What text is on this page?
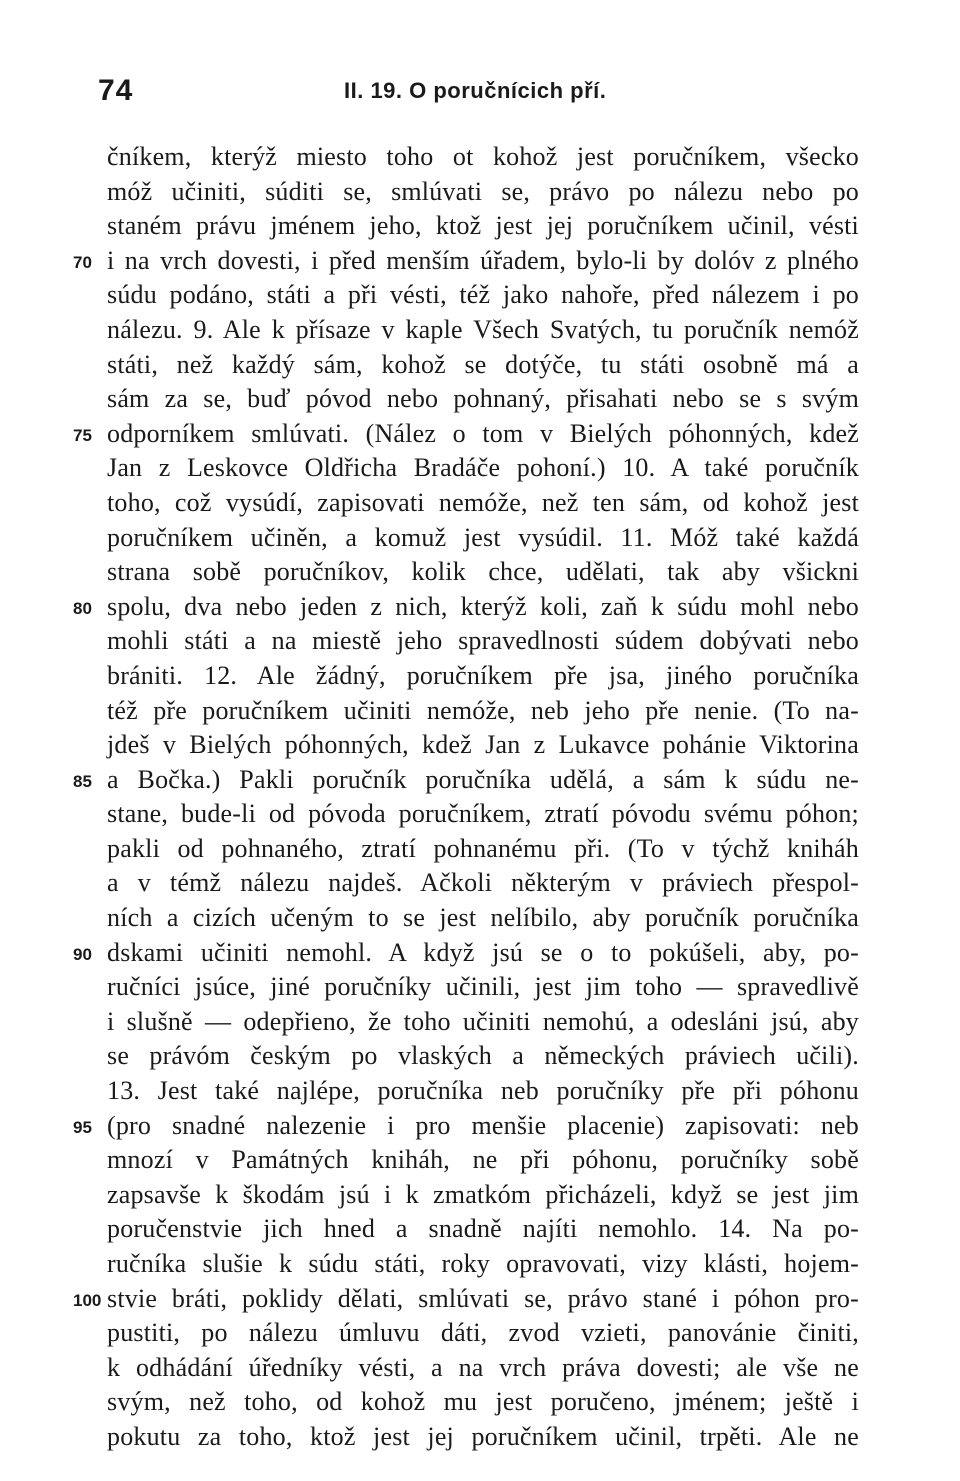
74	II. 19. O poručnícich pří.
čníkem, kterýž miesto toho ot kohož jest poručníkem, všecko
móž učiniti, súditi se, smlúvati se, právo po nálezu nebo po
staném právu jménem jeho, ktož jest jej poručníkem učinil, vésti
70 i na vrch dovesti, i před menším úřadem, bylo-li by dolóv z plného
súdu podáno, státi a při vésti, též jako nahoře, před nálezem i po
nálezu. 9. Ale k přísaze v kaple Všech Svatých, tu poručník nemóž
státi, než každý sám, kohož se dotýče, tu státi osobně má a
sám za se, buď póvod nebo pohnaný, přisahati nebo se s svým
75 odporníkem smlúvati. (Nález o tom v Bielých póhonných, kdež
Jan z Leskovce Oldřicha Bradáče pohoní.) 10. A také poručník
toho, což vysúdí, zapisovati nemóže, než ten sám, od kohož jest
poručníkem učiněn, a komuž jest vysúdil. 11. Móž také každá
strana sobě poručníkov, kolik chce, udělati, tak aby všickni
80 spolu, dva nebo jeden z nich, kterýž koli, zaň k súdu mohl nebo
mohli státi a na miestě jeho spravedlnosti súdem dobývati nebo
brániti. 12. Ale žádný, poručníkem pře jsa, jiného poručníka
též pře poručníkem učiniti nemóže, neb jeho pře nenie. (To na-
jdeš v Bielých póhonných, kdež Jan z Lukavce pohánie Viktorina
85 a Bočka.) Pakli poručník poručníka udělá, a sám k súdu ne-
stane, bude-li od póvoda poručníkem, ztratí póvodu svému póhon;
pakli od pohnaného, ztratí pohnanému při. (To v týchž kniháh
a v témž nálezu najdeš. Ačkoli některým v práviech přespol-
ních a cizích učeným to se jest nelíbilo, aby poručník poručníka
90 dskami učiniti nemohl. A když jsú se o to pokúšeli, aby, po-
ručníci jsúce, jiné poručníky učinili, jest jim toho — spravedlivě
i slušně — odepřieno, že toho učiniti nemohú, a odesláni jsú, aby
se právóm českým po vlaských a německých práviech učili).
13. Jest také najlépe, poručníka neb poručníky pře při póhonu
95 (pro snadné nalezenie i pro menšie placenie) zapisovati: neb
mnozí v Památných kniháh, ne při póhonu, poručníky sobě
zapsavše k škodám jsú i k zmatkóm přicházeli, když se jest jim
poručenstvie jich hned a snadně najíti nemohlo. 14. Na po-
ručníka slušie k súdu státi, roky opravovati, vizy klásti, hojem-
100 stvie bráti, poklidy dělati, smlúvati se, právo stané i póhon pro-
pustiti, po nálezu úmluvu dáti, zvod vzieti, panovánie činiti,
k odhádání úředníky vésti, a na vrch práva dovesti; ale vše ne
svým, než toho, od kohož mu jest poručeno, jménem; ještě i
pokutu za toho, ktož jest jej poručníkem učinil, trpěti. Ale ne
